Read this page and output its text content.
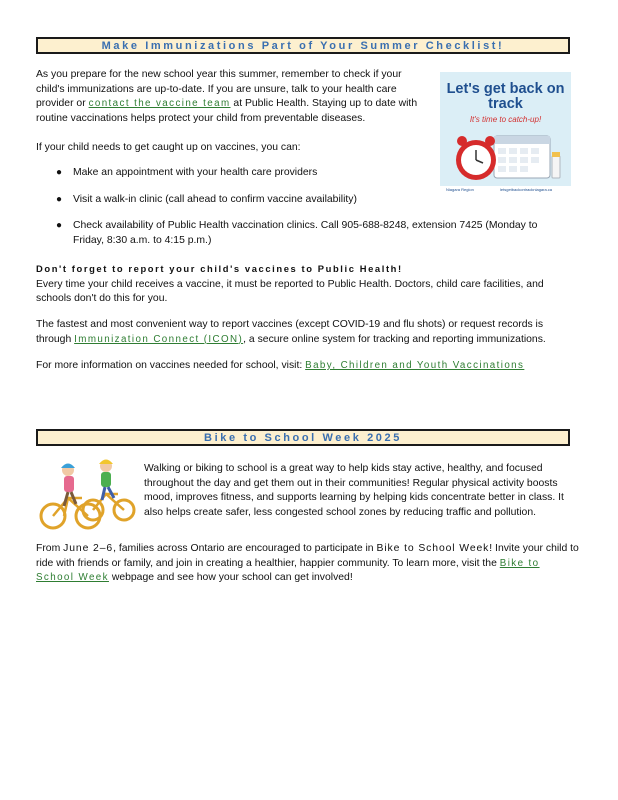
Make Immunizations Part of Your Summer Checklist!

As you prepare for the new school year this summer, remember to check if your child's immunizations are up-to-date. If you are unsure, talk to your health care provider or contact the vaccine team at Public Health. Staying up to date with routine vaccinations helps protect your child from preventable diseases.

If your child needs to get caught up on vaccines, you can:

● Make an appointment with your health care providers
● Visit a walk-in clinic (call ahead to confirm vaccine availability)
● Check availability of Public Health vaccination clinics. Call 905-688-8248, extension 7425 (Monday to Friday, 8:30 a.m. to 4:15 p.m.)

Don't forget to report your child's vaccines to Public Health!
Every time your child receives a vaccine, it must be reported to Public Health. Doctors, child care facilities, and schools don't do this for you.

The fastest and most convenient way to report vaccines (except COVID-19 and flu shots) or request records is through Immunization Connect (ICON), a secure online system for tracking and reporting immunizations.

For more information on vaccines needed for school, visit: Baby, Children and Youth Vaccinations

Let's get back on track
It's time to catch-up!
Niagara Region	letsgetbackontrackniagara.ca
Bike to School Week 2025

Walking or biking to school is a great way to help kids stay active, healthy, and focused throughout the day and get them out in their communities! Regular physical activity boosts mood, improves fitness, and supports learning by helping kids concentrate better in class. It also helps create safer, less congested school zones by reducing traffic and pollution.

From June 2–6, families across Ontario are encouraged to participate in Bike to School Week! Invite your child to ride with friends or family, and join in creating a healthier, happier community. To learn more, visit the Bike to School Week webpage and see how your school can get involved!
